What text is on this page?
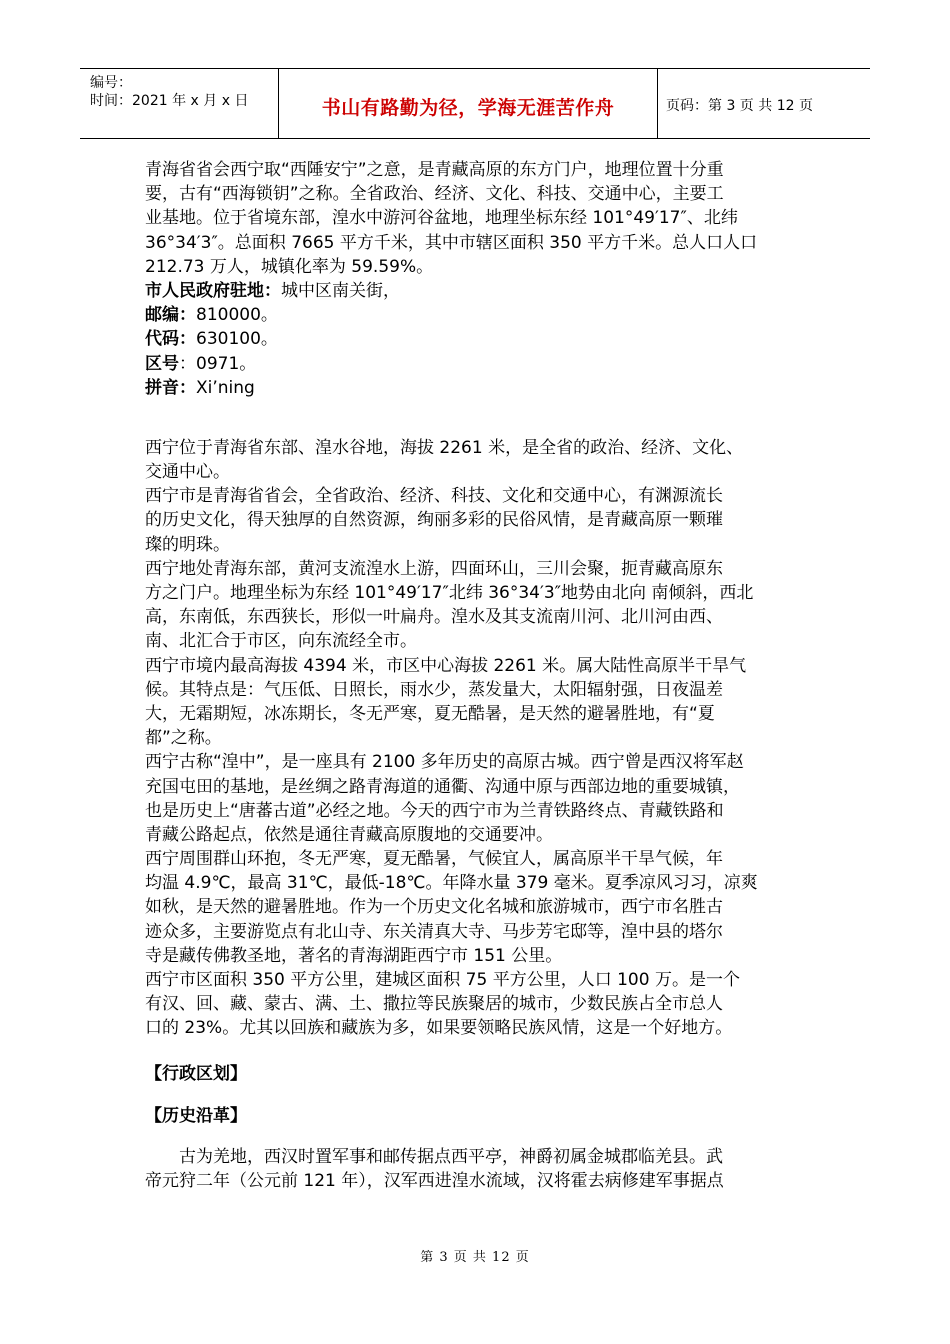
编号：
时间：2021 年 x 月 x 日	书山有路勤为径，学海无涯苦作舟	页码：第 3 页 共 12 页
青海省省会西宁取“西陲安宁”之意，是青藏高原的东方门户，地理位置十分重
要，古有“西海锁钥”之称。全省政治、经济、文化、科技、交通中心，主要工
业基地。位于省境东部，湟水中游河谷盆地，地理坐标东经 101°49′17″、北纬
36°34′3″。总面积 7665 平方千米，其中市辖区面积 350 平方千米。总人口人口
212.73 万人，城镇化率为 59.59%。
市人民政府驻地：城中区南关街，
邮编：810000。
代码：630100。
区号：0971。
拼音：Xi’ning
西宁位于青海省东部、湟水谷地，海拔 2261 米，是全省的政治、经济、文化、
交通中心。
西宁市是青海省省会，全省政治、经济、科技、文化和交通中心，有渊源流长
的历史文化，得天独厚的自然资源，绚丽多彩的民俗风情，是青藏高原一颗璀
璨的明珠。
西宁地处青海东部，黄河支流湟水上游，四面环山，三川会聚，扼青藏高原东
方之门户。地理坐标为东经 101°49′17″北纬 36°34′3″地势由北向 南倾斜，西北
高，东南低，东西狭长，形似一叶扁舟。湟水及其支流南川河、北川河由西、
南、北汇合于市区，向东流经全市。
西宁市境内最高海拔 4394 米，市区中心海拔 2261 米。属大陆性高原半干旱气
候。其特点是：气压低、日照长，雨水少，蒸发量大，太阳辐射强，日夜温差
大，无霜期短，冰冻期长，冬无严寒，夏无酷暑，是天然的避暑胜地，有“夏
都”之称。
西宁古称“湟中”，是一座具有 2100 多年历史的高原古城。西宁曾是西汉将军赵
充国屯田的基地，是丝绸之路青海道的通衢、沟通中原与西部边地的重要城镇，
也是历史上“唐蕃古道”必经之地。今天的西宁市为兰青铁路终点、青藏铁路和
青藏公路起点，依然是通往青藏高原腹地的交通要冲。
西宁周围群山环抱，冬无严寒，夏无酷暑，气候宜人，属高原半干旱气候，年
均温 4.9℃，最高 31℃，最低-18℃。年降水量 379 毫米。夏季凉风习习，凉爽
如秋，是天然的避暑胜地。作为一个历史文化名城和旅游城市，西宁市名胜古
迹众多，主要游览点有北山寺、东关清真大寺、马步芳宅邸等，湟中县的塔尔
寺是藏传佛教圣地，著名的青海湖距西宁市 151 公里。
西宁市区面积 350 平方公里，建城区面积 75 平方公里，人口 100 万。是一个
有汉、回、藏、蒙古、满、土、撒拉等民族聚居的城市，少数民族占全市总人
口的 23%。尤其以回族和藏族为多，如果要领略民族风情，这是一个好地方。
【行政区划】
【历史沿革】
古为羌地，西汉时置军事和邮传据点西平亭，神爵初属金城郡临羌县。武
帝元狩二年（公元前 121 年），汉军西进湟水流域，汉将霍去病修建军事据点
第 3 页 共 12 页
